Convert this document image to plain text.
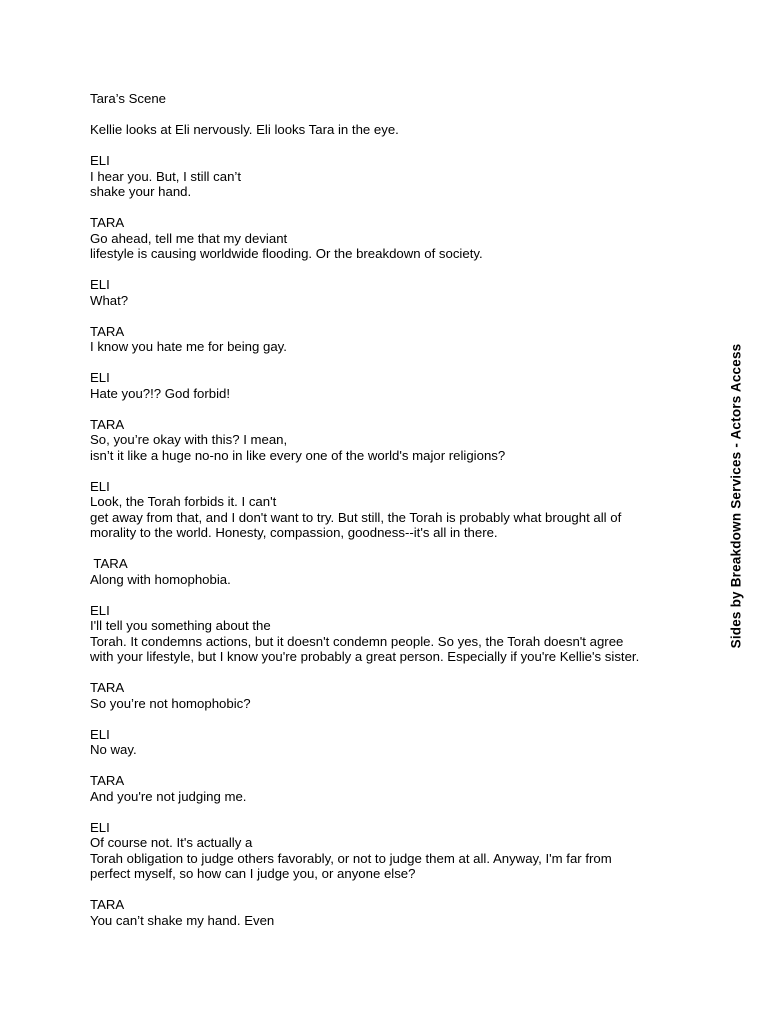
Tara’s Scene
Kellie looks at Eli nervously. Eli looks Tara in the eye.
ELI
I hear you. But, I still can’t
shake your hand.
TARA
Go ahead, tell me that my deviant
lifestyle is causing worldwide flooding. Or the breakdown of society.
ELI
What?
TARA
I know you hate me for being gay.
ELI
Hate you?!? God forbid!
TARA
So, you’re okay with this? I mean,
isn’t it like a huge no-no in like every one of the world's major religions?
ELI
Look, the Torah forbids it. I can't
get away from that, and I don't want to try. But still, the Torah is probably what brought all of
morality to the world. Honesty, compassion, goodness--it's all in there.
TARA
Along with homophobia.
ELI
I'll tell you something about the
Torah. It condemns actions, but it doesn't condemn people. So yes, the Torah doesn't agree
with your lifestyle, but I know you're probably a great person. Especially if you're Kellie's sister.
TARA
So you’re not homophobic?
ELI
No way.
TARA
And you're not judging me.
ELI
Of course not. It's actually a
Torah obligation to judge others favorably, or not to judge them at all. Anyway, I'm far from
perfect myself, so how can I judge you, or anyone else?
TARA
You can’t shake my hand. Even
Sides by Breakdown Services - Actors Access
